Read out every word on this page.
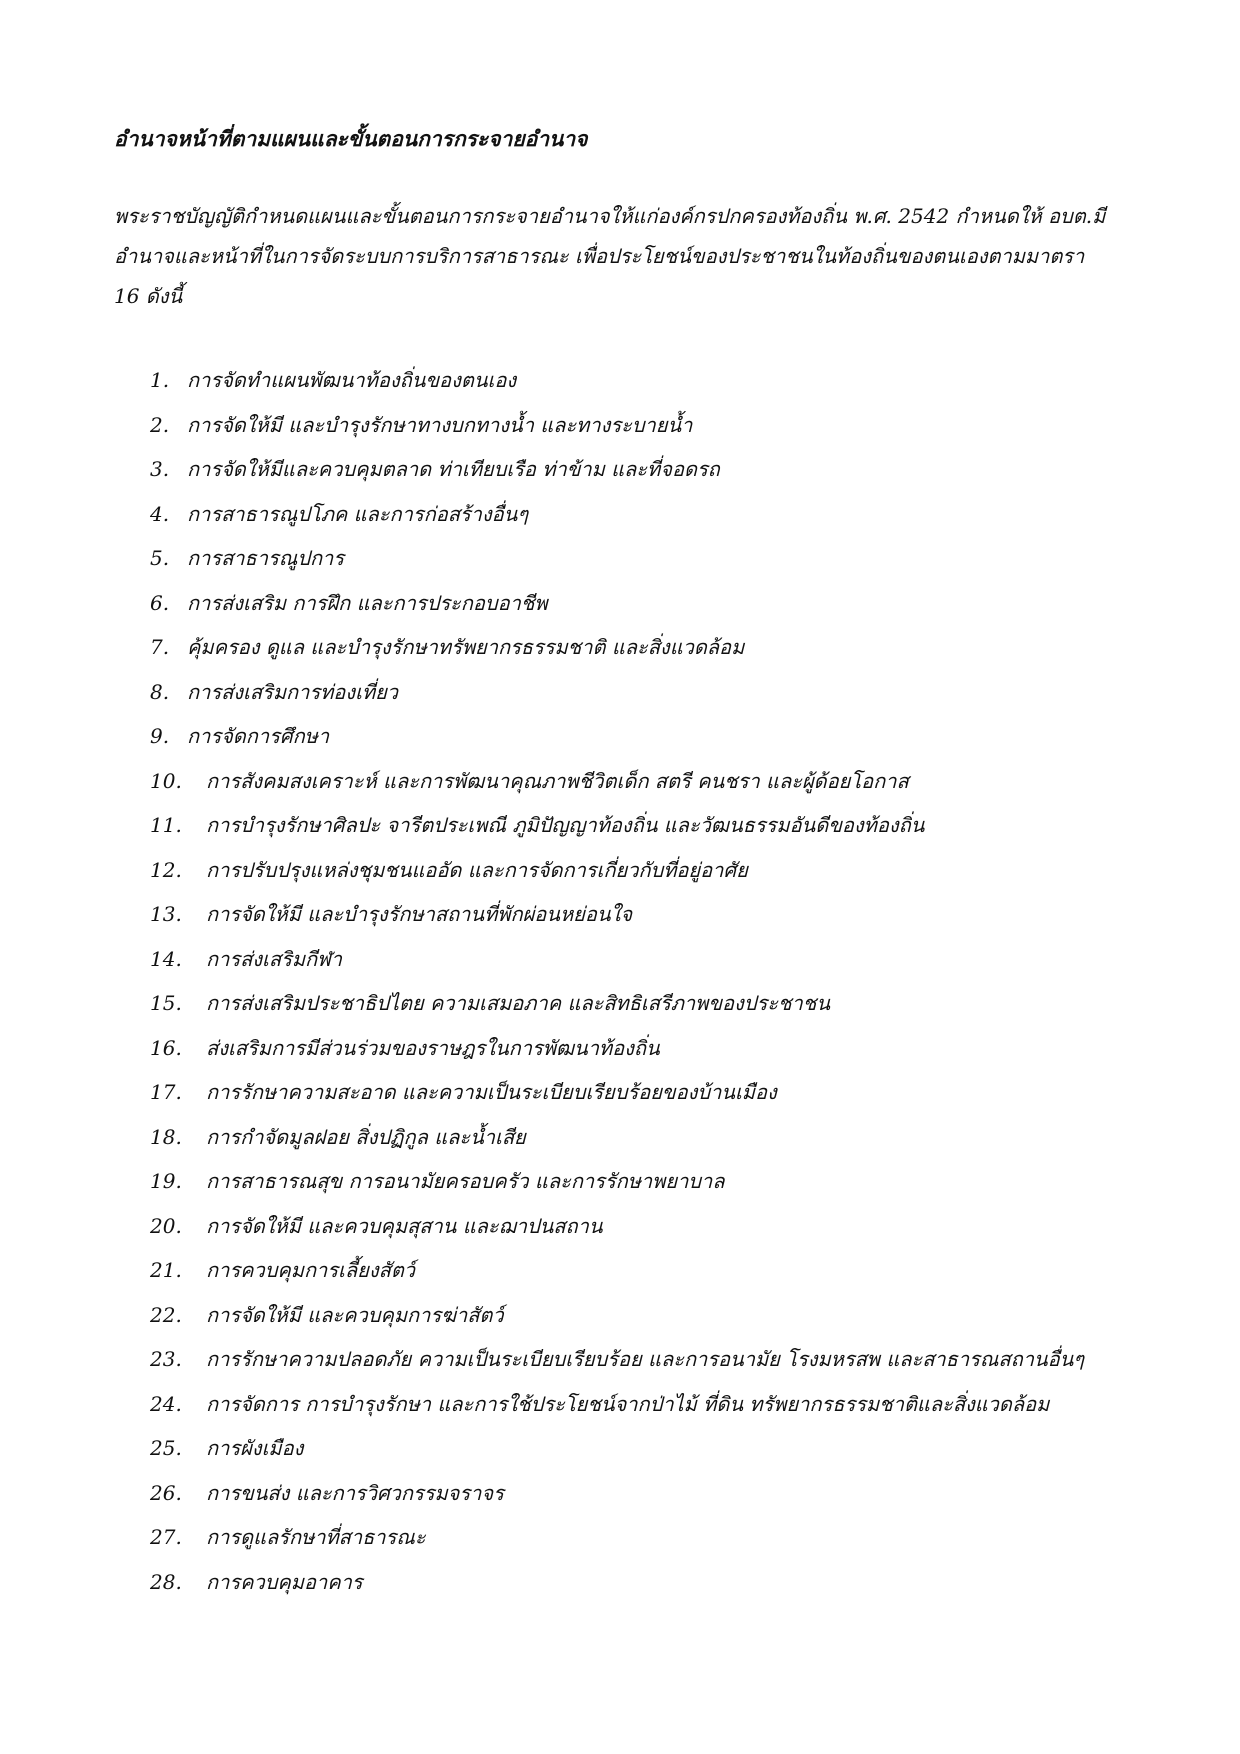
อำนาจหน้าที่ตามแผนและขั้นตอนการกระจายอำนาจ

พระราชบัญญัติกำหนดแผนและขั้นตอนการกระจายอำนาจให้แก่องค์กรปกครองท้องถิ่น พ.ศ. 2542 กำหนดให้ อบต.มี
อำนาจและหน้าที่ในการจัดระบบการบริการสาธารณะ เพื่อประโยชน์ของประชาชนในท้องถิ่นของตนเองตามมาตรา
16 ดังนี้

1. การจัดทำแผนพัฒนาท้องถิ่นของตนเอง
2. การจัดให้มี และบำรุงรักษาทางบกทางน้ำ และทางระบายน้ำ
3. การจัดให้มีและควบคุมตลาด ท่าเทียบเรือ ท่าข้าม และที่จอดรถ
4. การสาธารณูปโภค และการก่อสร้างอื่นๆ
5. การสาธารณูปการ
6. การส่งเสริม การฝึก และการประกอบอาชีพ
7. คุ้มครอง ดูแล และบำรุงรักษาทรัพยากรธรรมชาติ และสิ่งแวดล้อม
8. การส่งเสริมการท่องเที่ยว
9. การจัดการศึกษา
10. การสังคมสงเคราะห์ และการพัฒนาคุณภาพชีวิตเด็ก สตรี คนชรา และผู้ด้อยโอกาส
11. การบำรุงรักษาศิลปะ จารีตประเพณี ภูมิปัญญาท้องถิ่น และวัฒนธรรมอันดีของท้องถิ่น
12. การปรับปรุงแหล่งชุมชนแออัด และการจัดการเกี่ยวกับที่อยู่อาศัย
13. การจัดให้มี และบำรุงรักษาสถานที่พักผ่อนหย่อนใจ
14. การส่งเสริมกีฬา
15. การส่งเสริมประชาธิปไตย ความเสมอภาค และสิทธิเสรีภาพของประชาชน
16. ส่งเสริมการมีส่วนร่วมของราษฎรในการพัฒนาท้องถิ่น
17. การรักษาความสะอาด และความเป็นระเบียบเรียบร้อยของบ้านเมือง
18. การกำจัดมูลฝอย สิ่งปฏิกูล และน้ำเสีย
19. การสาธารณสุข การอนามัยครอบครัว และการรักษาพยาบาล
20. การจัดให้มี และควบคุมสุสาน และฌาปนสถาน
21. การควบคุมการเลี้ยงสัตว์
22. การจัดให้มี และควบคุมการฆ่าสัตว์
23. การรักษาความปลอดภัย ความเป็นระเบียบเรียบร้อย และการอนามัย โรงมหรสพ และสาธารณสถานอื่นๆ
24. การจัดการ การบำรุงรักษา และการใช้ประโยชน์จากป่าไม้ ที่ดิน ทรัพยากรธรรมชาติและสิ่งแวดล้อม
25. การผังเมือง
26. การขนส่ง และการวิศวกรรมจราจร
27. การดูแลรักษาที่สาธารณะ
28. การควบคุมอาคาร
